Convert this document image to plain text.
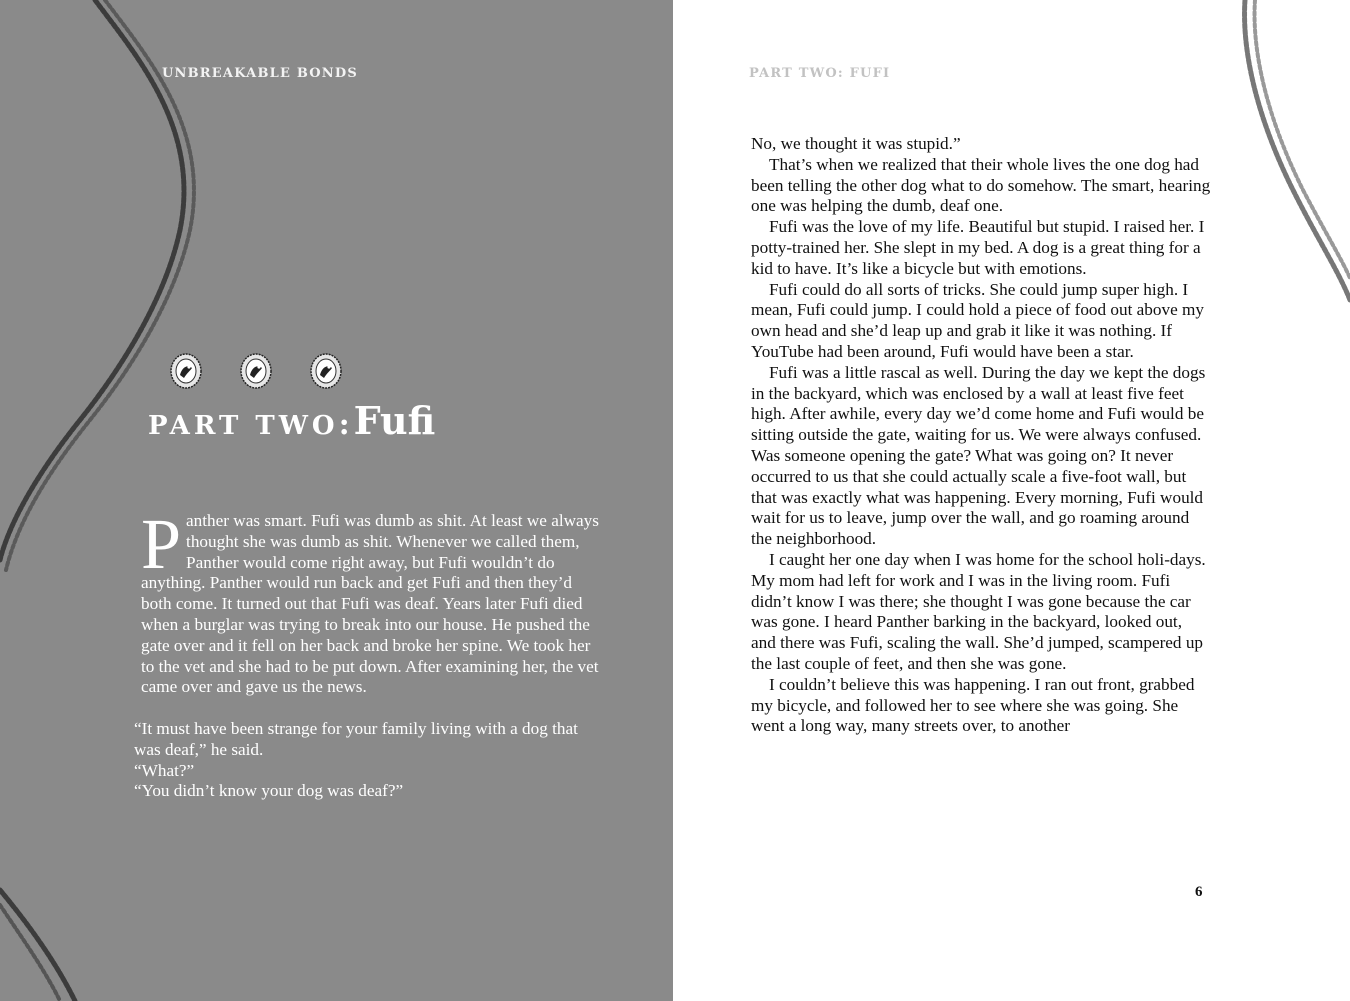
UNBREAKABLE BONDS
PART TWO: Fufi

Panther was smart. Fufi was dumb as shit. At least we always thought she was dumb as shit. Whenever we called them, Panther would come right away, but Fufi wouldn’t do anything. Panther would run back and get Fufi and then they’d both come. It turned out that Fufi was deaf. Years later Fufi died when a burglar was trying to break into our house. He pushed the gate over and it fell on her back and broke her spine. We took her to the vet and she had to be put down. After examining her, the vet came over and gave us the news.

“It must have been strange for your family living with a dog that was deaf,” he said.

“What?”

“You didn’t know your dog was deaf?”

PART TWO: FUFI

No, we thought it was stupid.”

That’s when we realized that their whole lives the one dog had been telling the other dog what to do somehow. The smart, hearing one was helping the dumb, deaf one.

Fufi was the love of my life. Beautiful but stupid. I raised her. I potty-trained her. She slept in my bed. A dog is a great thing for a kid to have. It’s like a bicycle but with emotions.

Fufi could do all sorts of tricks. She could jump super high. I mean, Fufi could jump. I could hold a piece of food out above my own head and she’d leap up and grab it like it was nothing. If YouTube had been around, Fufi would have been a star.

Fufi was a little rascal as well. During the day we kept the dogs in the backyard, which was enclosed by a wall at least five feet high. After awhile, every day we’d come home and Fufi would be sitting outside the gate, waiting for us. We were always confused. Was someone opening the gate? What was going on? It never occurred to us that she could actually scale a five-foot wall, but that was exactly what was happening. Every morning, Fufi would wait for us to leave, jump over the wall, and go roaming around the neighborhood.

I caught her one day when I was home for the school holi-days. My mom had left for work and I was in the living room. Fufi didn’t know I was there; she thought I was gone because the car was gone. I heard Panther barking in the backyard, looked out, and there was Fufi, scaling the wall. She’d jumped, scampered up the last couple of feet, and then she was gone.

I couldn’t believe this was happening. I ran out front, grabbed my bicycle, and followed her to see where she was going. She went a long way, many streets over, to another

6
